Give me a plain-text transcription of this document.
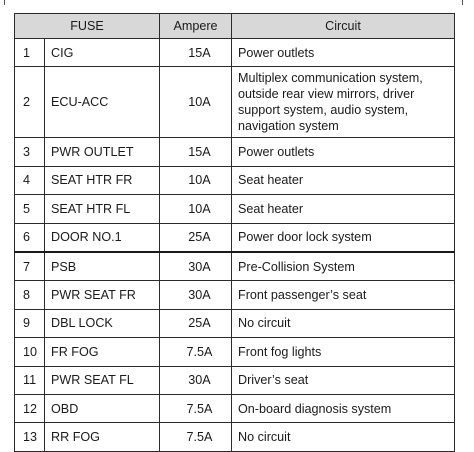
FUSE		Ampere	Circuit
1	CIG	15A	Power outlets
2	ECU-ACC	10A	Multiplex communication system, outside rear view mirrors, driver support system, audio system, navigation system
3	PWR OUTLET	15A	Power outlets
4	SEAT HTR FR	10A	Seat heater
5	SEAT HTR FL	10A	Seat heater
6	DOOR NO.1	25A	Power door lock system
7	PSB	30A	Pre-Collision System
8	PWR SEAT FR	30A	Front passenger’s seat
9	DBL LOCK	25A	No circuit
10	FR FOG	7.5A	Front fog lights
11	PWR SEAT FL	30A	Driver’s seat
12	OBD	7.5A	On-board diagnosis system
13	RR FOG	7.5A	No circuit
